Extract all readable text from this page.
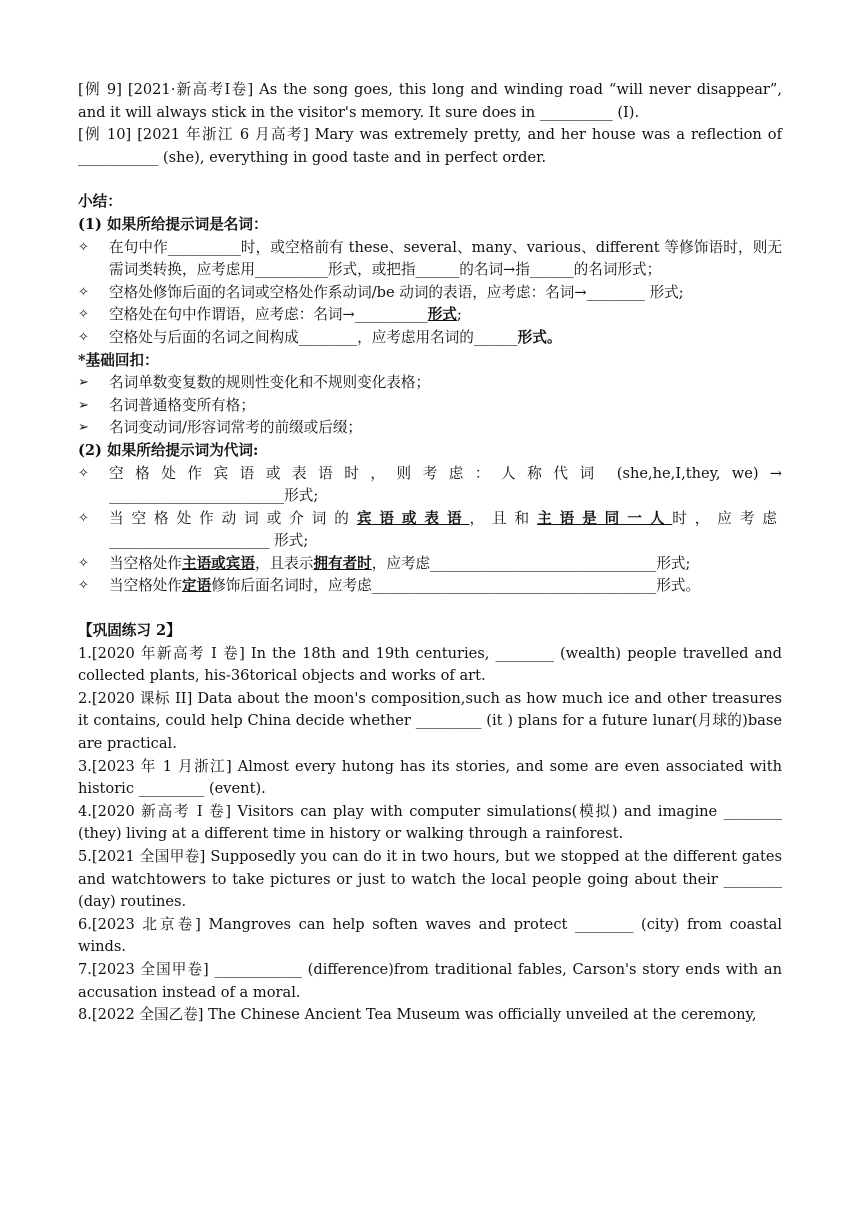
[例 9] [2021·新高考Ⅰ卷] As the song goes, this long and winding road “will never disappear”, and it will always stick in the visitor's memory. It sure does in __________ (I).

[例 10] [2021 年浙江 6 月高考] Mary was extremely pretty, and her house was a reflection of ___________ (she), everything in good taste and in perfect order.

小结：

(1) 如果所给提示词是名词：

✧	在句中作__________时，或空格前有 these、several、many、various、different 等修饰语时，则无需词类转换，应考虑用__________形式，或把指______的名词→指______的名词形式；
✧	空格处修饰后面的名词或空格处作系动词/be 动词的表语，应考虑：名词→________ 形式;
✧	空格处在句中作谓语，应考虑：名词→__________形式;
✧	空格处与后面的名词之间构成________，应考虑用名词的______形式。

*基础回扣：

➢	名词单数变复数的规则性变化和不规则变化表格；
➢	名词普通格变所有格；
➢	名词变动词/形容词常考的前缀或后缀；

(2) 如果所给提示词为代词:

✧	空格处作宾语或表语时，则考虑：人称代词 (she,he,I,they, we) → ________________________形式;
✧	当空格处作动词或介词的宾语或表语，且和主语是同一人时，应考虑 ______________________ 形式;
✧	当空格处作主语或宾语，且表示拥有者时，应考虑_______________________________形式;
✧	当空格处作定语修饰后面名词时，应考虑_______________________________________形式。

【巩固练习 2】

1.[2020 年新高考 I 卷] In the 18th and 19th centuries, ________ (wealth) people travelled and collected plants, his-36torical objects and works of art.

2.[2020 课标 II] Data about the moon's composition,such as how much ice and other treasures it contains, could help China decide whether _________ (it ) plans for a future lunar(月球的)base are practical.

3.[2023 年 1 月浙江] Almost every hutong has its stories, and some are even associated with historic _________ (event).

4.[2020 新高考 I 卷] Visitors can play with computer simulations(模拟) and imagine ________ (they) living at a different time in history or walking through a rainforest.

5.[2021 全国甲卷] Supposedly you can do it in two hours, but we stopped at the different gates and watchtowers to take pictures or just to watch the local people going about their ________ (day) routines.

6.[2023 北京卷] Mangroves can help soften waves and protect ________ (city) from coastal winds.

7.[2023 全国甲卷] ____________ (difference)from traditional fables, Carson's story ends with an accusation instead of a moral.

8.[2022 全国乙卷] The Chinese Ancient Tea Museum was officially unveiled at the ceremony,
